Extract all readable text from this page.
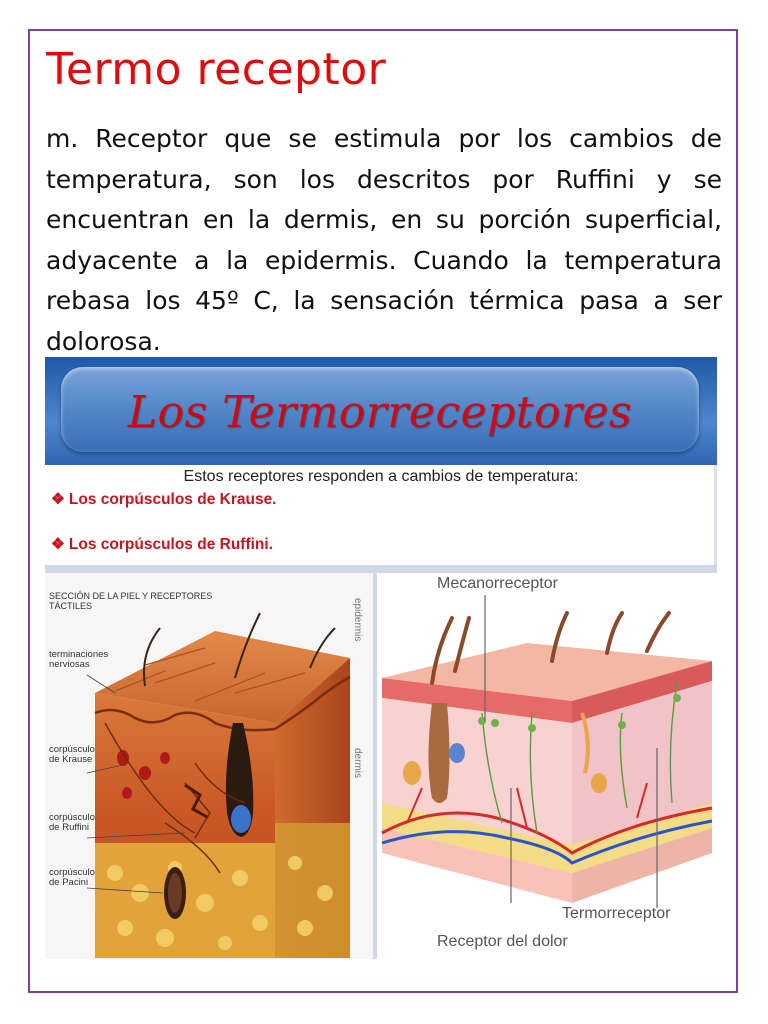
Termo receptor

m. Receptor que se estimula por los cambios de temperatura, son los descritos por Ruffini y se encuentran en la dermis, en su porción superficial, adyacente a la epidermis. Cuando la temperatura rebasa los 45º C, la sensación térmica pasa a ser dolorosa.

Los Termorreceptores
Estos receptores responden a cambios de temperatura:
❖ Los corpúsculos de Krause.
❖ Los corpúsculos de Ruffini.
SECCIÓN DE LA PIEL Y RECEPTORES TÁCTILES
terminaciones nerviosas
corpúsculo de Krause
corpúsculo de Ruffini
corpúsculo de Pacini
epidermis
dermis
Mecanorreceptor
Termorreceptor
Receptor del dolor
